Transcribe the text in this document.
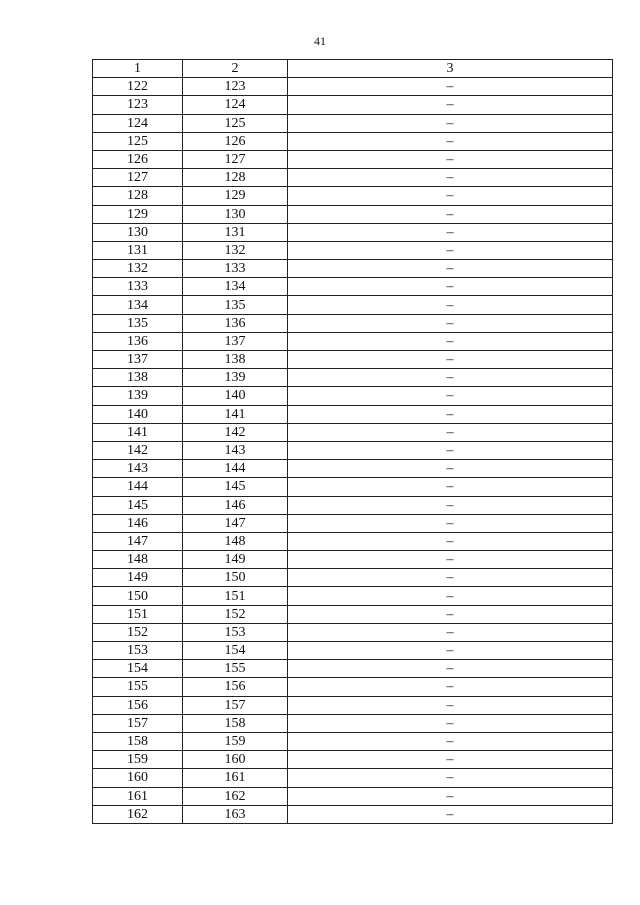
41
1	2	3
122	123	–
123	124	–
124	125	–
125	126	–
126	127	–
127	128	–
128	129	–
129	130	–
130	131	–
131	132	–
132	133	–
133	134	–
134	135	–
135	136	–
136	137	–
137	138	–
138	139	–
139	140	–
140	141	–
141	142	–
142	143	–
143	144	–
144	145	–
145	146	–
146	147	–
147	148	–
148	149	–
149	150	–
150	151	–
151	152	–
152	153	–
153	154	–
154	155	–
155	156	–
156	157	–
157	158	–
158	159	–
159	160	–
160	161	–
161	162	–
162	163	–
